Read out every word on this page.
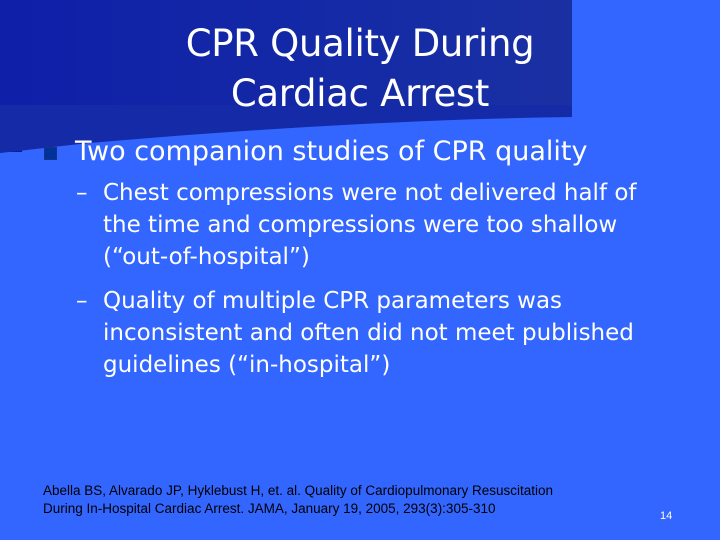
CPR Quality During
Cardiac Arrest
Two companion studies of CPR quality
– Chest compressions were not delivered half of
the time and compressions were too shallow
(“out-of-hospital”)
– Quality of multiple CPR parameters was
inconsistent and often did not meet published
guidelines (“in-hospital”)
Abella BS, Alvarado JP, Hyklebust H, et. al. Quality of Cardiopulmonary Resuscitation
During In-Hospital Cardiac Arrest. JAMA, January 19, 2005, 293(3):305-310	14
